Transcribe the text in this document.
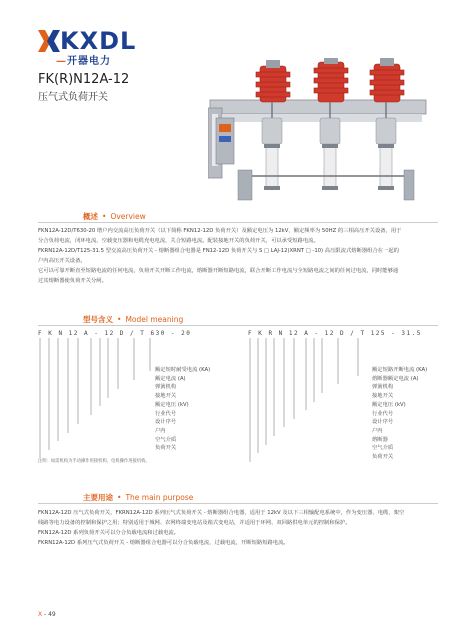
KXDL
—开器电力
FK(R)N12A-12
压气式负荷开关
概述 • Overview
FKN12A-12D/T630-20 增户内交流高压负荷开关（以下简称 FKN12-12D 负荷开关）及额定电压为 12kV，额定频率为 50HZ 的三相高压开关设备，用于
分合负荷电流，闭环电流，空载变压器和电缆充电电流，关合短路电流。配装接地开关的负荷开关，可以承受短路电流。
FKRN12A-12D/T125-31.5 型交流高压负荷开关 - 熔断器组合电器是 FN12-12D 负荷开关与 S □ LAJ-12(XRNT □ -10) 高压限流式熔断器组合在一起的
户内高压开关设备。
它可以可靠开断直至短路电流的任何电流，负荷开关开断工作电流，熔断器开断短路电流，联合开断工作电流与全短路电流之间的任何过电流，同时能够通
过其熔断器使负荷开关分闸。
型号含义 • Model meaning
F K N 12 A - 12 D / T 630 - 20	F K R N 12 A - 12 D / T 125 - 31.5
额定短时耐受电流 (KA)
额定电流 (A)
弹簧机构
接地开关
额定电压 (kV)
行业代号
设计序号
户内
空气介质
负荷开关
注明：如需机构为手动操作用接机构，电机操作用接机构。
额定短路开断电流 (KA)
熔断器额定电流 (A)
弹簧机构
接地开关
额定电压 (kV)
行业代号
设计序号
户内
熔断器
空气介质
负荷开关
主要用途 • The main purpose
FKN12A-12D 压气式负荷开关，FKRN12A-12D 系列压气式负荷开关 - 熔断器组合电器，适用于 12kV 及以下三相输配电系统中，作为变压器、电缆、架空
线路等电力设备的控制和保护之用；特别适用于城网、农网终端变电站及箱式变电站，并适用于环网、双回路供电单元的控制和保护。
FKN12A-12D 系列负荷开关可以分合负载电流和过载电流。
FKRN12A-12D 系列压气式负荷开关 - 熔断器组合电器可以分合负载电流，过载电流，开断短路短路电流。
X - 49
